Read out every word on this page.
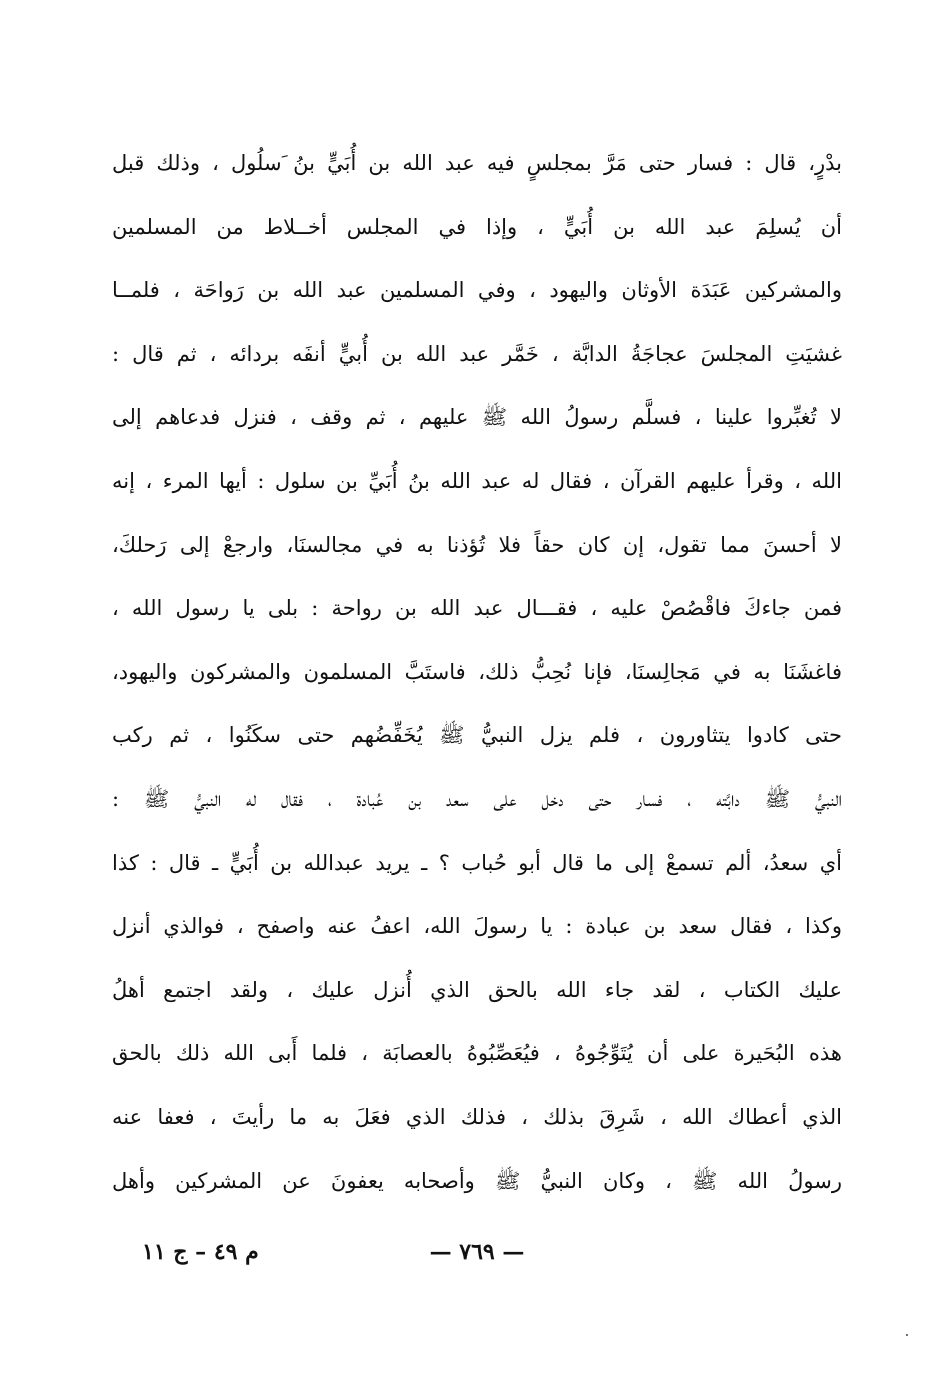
َبدْرٍ، قال : فسار حتى مَرَّ بمجلسٍ فيه عبد الله بن أُبَيٍّ بنُ َسلُول ، وذلك قبل
أن يُسلِمَ عبد الله بن أُبَيٍّ ، وإذا في المجلس أخــلاط من المسلمين
والمشركين عَبَدَة الأوثان واليهود ، وفي المسلمين عبد الله بن رَواحَة ، فلمــا
َغشيَتِ المجلسَ عجاجَةُ الدابَّة ، خَمَّر عبد الله بن أُبيٍّ أنفَه بردائه ، ثم قال :
لا تُغبِّروا علينا ، فسلَّم رسولُ الله ﷺ عليهم ، ثم وقف ، فنزل فدعاهم إلى
الله ، وقرأ عليهم القرآن ، فقال له عبد الله بنُ أُبَيِّ بن سلول : أيها المرء ، إنه
لا أحسنَ مما تقول، إن كان حقاً فلا تُؤذنا به في مجالسنَا، وارجعْ إلى رَحلكَ،
فمن جاءكَ فاقْصُصْ عليه ، فقـــال عبد الله بن رواحة : بلى يا رسول الله ،
فاغشَنَا به في مَجالِسنَا، فإنا نُحِبُّ ذلك، فاستَبَّ المسلمون والمشركون واليهود،
حتى كادوا يتثاورون ، فلم يزل النبيُّ ﷺ يُخَفِّضُهم حتى سكَنُوا ، ثم ركب
النبيُّ ﷺ دابَّته ، فسار حتى دخل على سعد بن عُبادة ، فقال له النبيُّ ﷺ :
أي سعدُ، ألم تسمعْ إلى ما قال أبو حُباب ؟ ـ يريد عبدالله بن أُبَيٍّ ـ قال : كذا
وكذا ، فقال سعد بن عبادة : يا رسولَ الله، اعفُ عنه واصفح ، فوالذي أنزل
عليك الكتاب ، لقد جاء الله بالحق الذي أُنزل عليك ، ولقد اجتمع أهلُ
هذه البُحَيرة على أن يُتَوِّجُوهُ ، فيُعَصِّبُوهُ بالعصابَة ، فلما أَبى الله ذلك بالحق
الذي أعطاك الله ، شَرِقَ بذلك ، فذلك الذي فعَلَ به ما رأيتَ ، فعفا عنه
رسولُ الله ﷺ ، وكان النبيُّ ﷺ وأصحابه يعفونَ عن المشركين وأهل
— ٧٦٩ —
م ٤٩ – ج ١١
